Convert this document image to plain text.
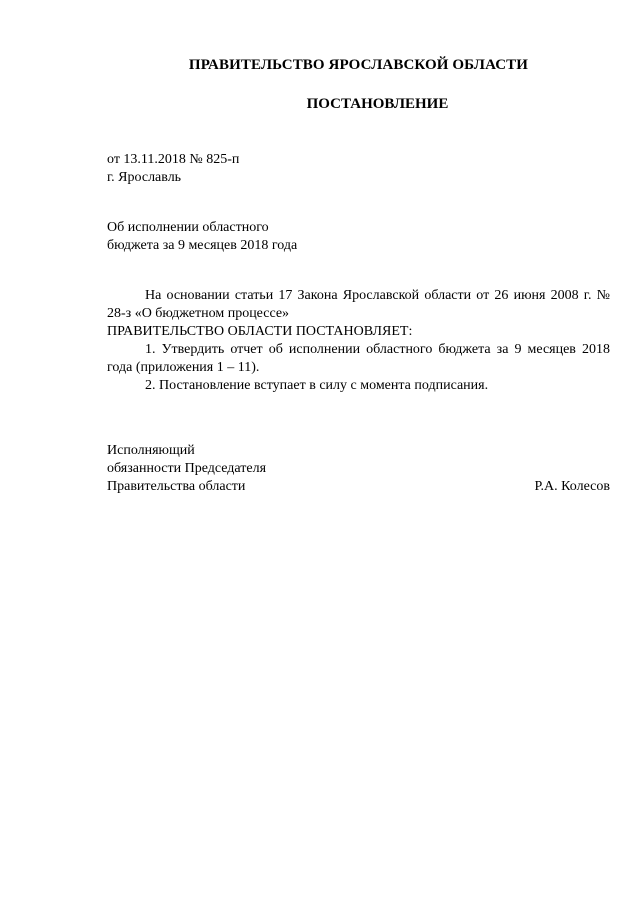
ПРАВИТЕЛЬСТВО ЯРОСЛАВСКОЙ ОБЛАСТИ
ПОСТАНОВЛЕНИЕ
от 13.11.2018 № 825-п
г. Ярославль
Об исполнении областного
бюджета за 9 месяцев 2018 года

На основании статьи 17 Закона Ярославской области от 26 июня 2008 г. № 28-з «О бюджетном процессе»

ПРАВИТЕЛЬСТВО ОБЛАСТИ ПОСТАНОВЛЯЕТ:

1. Утвердить отчет об исполнении областного бюджета за 9 месяцев 2018 года (приложения 1 – 11).

2. Постановление вступает в силу с момента подписания.

Исполняющий
обязанности Председателя
Правительства области	Р.А. Колесов
